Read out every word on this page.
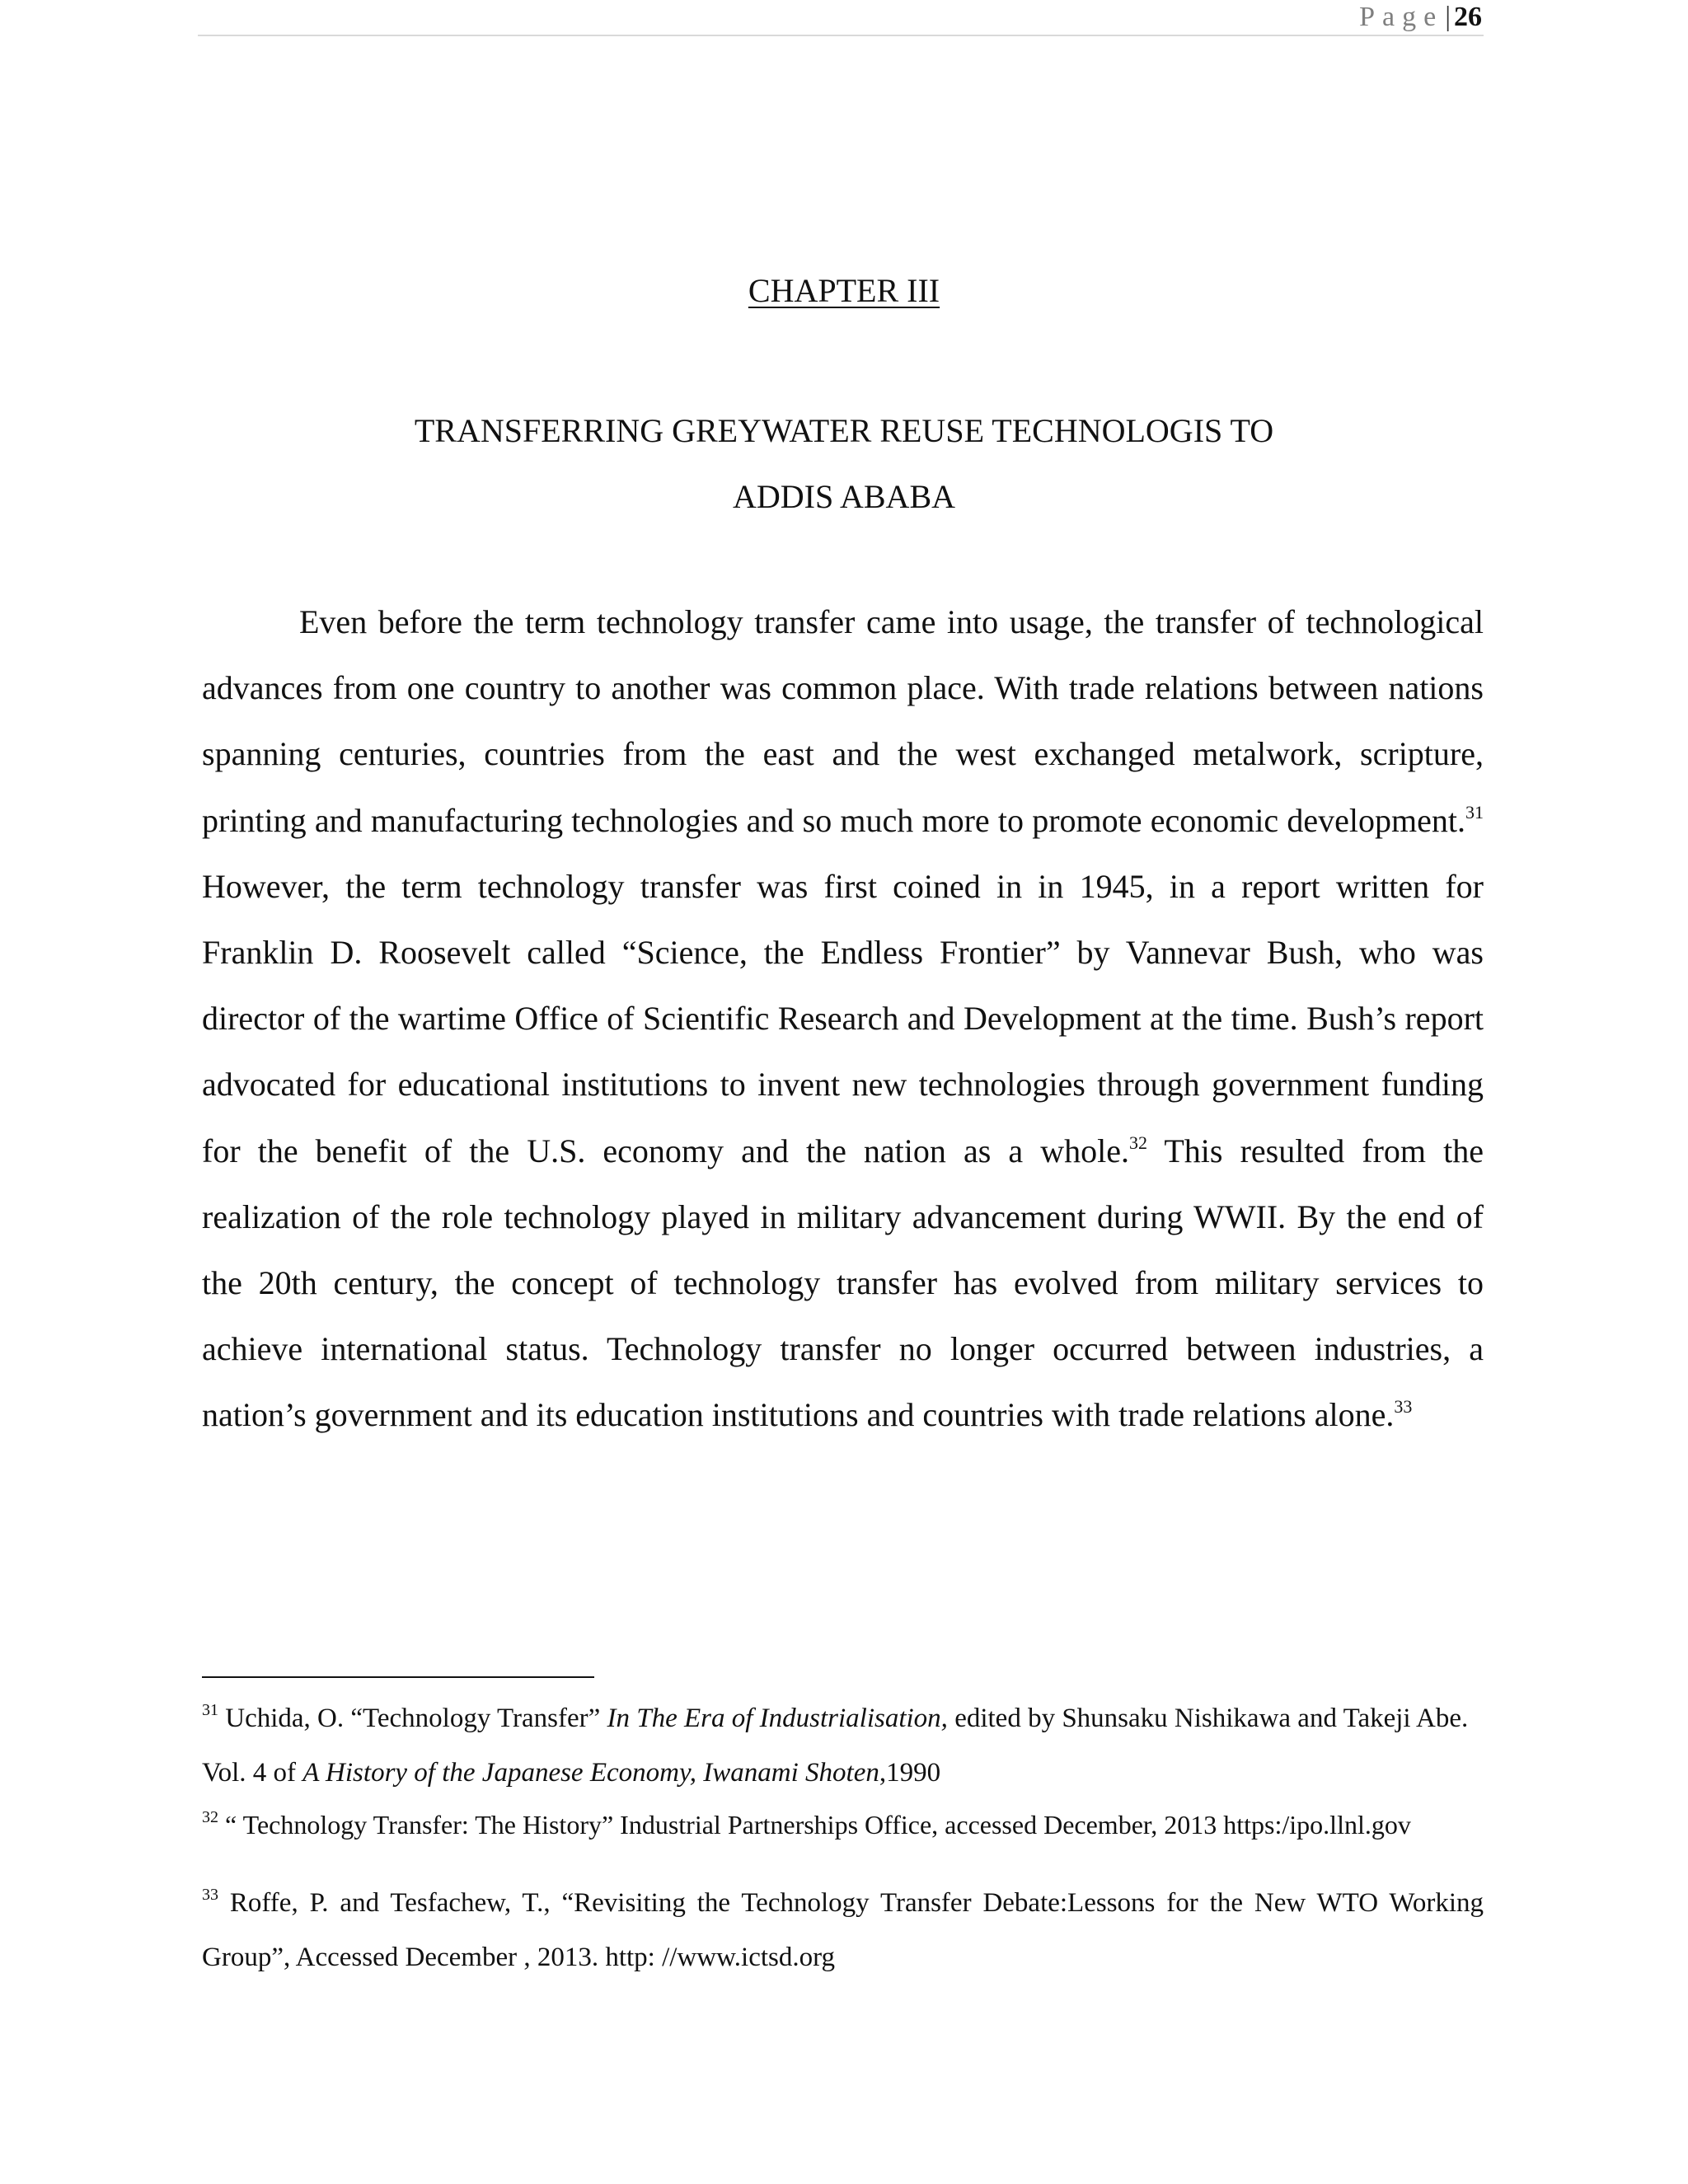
Page| 26
CHAPTER III
TRANSFERRING GREYWATER REUSE TECHNOLOGIS TO
ADDIS ABABA

Even before the term technology transfer came into usage, the transfer of technological advances from one country to another was common place. With trade relations between nations spanning centuries, countries from the east and the west exchanged metalwork, scripture, printing and manufacturing technologies and so much more to promote economic development.$^{31}$ However, the term technology transfer was first coined in in 1945, in a report written for Franklin D. Roosevelt called “Science, the Endless Frontier” by Vannevar Bush, who was director of the wartime Office of Scientific Research and Development at the time. Bush’s report advocated for educational institutions to invent new technologies through government funding for the benefit of the U.S. economy and the nation as a whole.$^{32}$ This resulted from the realization of the role technology played in military advancement during WWII. By the end of the 20th century, the concept of technology transfer has evolved from military services to achieve international status. Technology transfer no longer occurred between industries, a nation’s government and its education institutions and countries with trade relations alone.$^{33}$

$^{31}$ Uchida, O. “Technology Transfer” In The Era of Industrialisation, edited by Shunsaku Nishikawa and Takeji Abe. Vol. 4 of A History of the Japanese Economy, Iwanami Shoten,1990

$^{32}$ “ Technology Transfer: The History” Industrial Partnerships Office, accessed December, 2013 https:/ipo.llnl.gov

$^{33}$ Roffe, P. and Tesfachew, T., “Revisiting the Technology Transfer Debate:Lessons for the New WTO Working Group”, Accessed December , 2013. http: //www.ictsd.org
